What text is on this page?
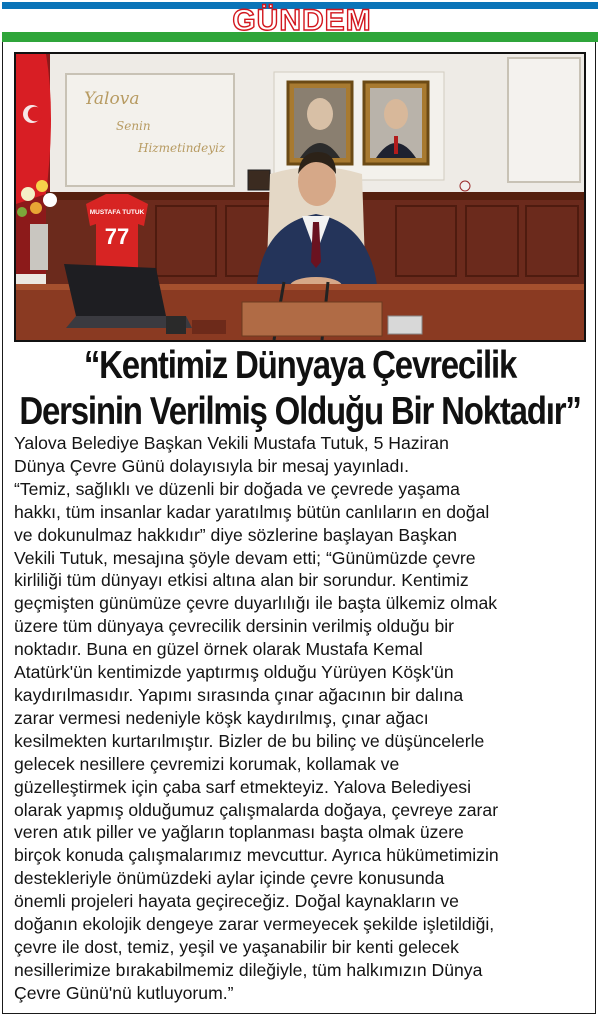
GÜNDEM
Yalova
Senin
Hizmetindeyiz
MUSTAFA TUTUK
77
“Kentimiz Dünyaya Çevrecilik
Dersinin Verilmiş Olduğu Bir Noktadır”
Yalova Belediye Başkan Vekili Mustafa Tutuk, 5 Haziran
Dünya Çevre Günü dolayısıyla bir mesaj yayınladı.
“Temiz, sağlıklı ve düzenli bir doğada ve çevrede yaşama
hakkı, tüm insanlar kadar yaratılmış bütün canlıların en doğal
ve dokunulmaz hakkıdır” diye sözlerine başlayan Başkan
Vekili Tutuk, mesajına şöyle devam etti; “Günümüzde çevre
kirliliği tüm dünyayı etkisi altına alan bir sorundur. Kentimiz
geçmişten günümüze çevre duyarlılığı ile başta ülkemiz olmak
üzere tüm dünyaya çevrecilik dersinin verilmiş olduğu bir
noktadır. Buna en güzel örnek olarak Mustafa Kemal
Atatürk'ün kentimizde yaptırmış olduğu Yürüyen Köşk'ün
kaydırılmasıdır. Yapımı sırasında çınar ağacının bir dalına
zarar vermesi nedeniyle köşk kaydırılmış, çınar ağacı
kesilmekten kurtarılmıştır. Bizler de bu bilinç ve düşüncelerle
gelecek nesillere çevremizi korumak, kollamak ve
güzelleştirmek için çaba sarf etmekteyiz. Yalova Belediyesi
olarak yapmış olduğumuz çalışmalarda doğaya, çevreye zarar
veren atık piller ve yağların toplanması başta olmak üzere
birçok konuda çalışmalarımız mevcuttur. Ayrıca hükümetimizin
destekleriyle önümüzdeki aylar içinde çevre konusunda
önemli projeleri hayata geçireceğiz. Doğal kaynakların ve
doğanın ekolojik dengeye zarar vermeyecek şekilde işletildiği,
çevre ile dost, temiz, yeşil ve yaşanabilir bir kenti gelecek
nesillerimize bırakabilmemiz dileğiyle, tüm halkımızın Dünya
Çevre Günü'nü kutluyorum.”
